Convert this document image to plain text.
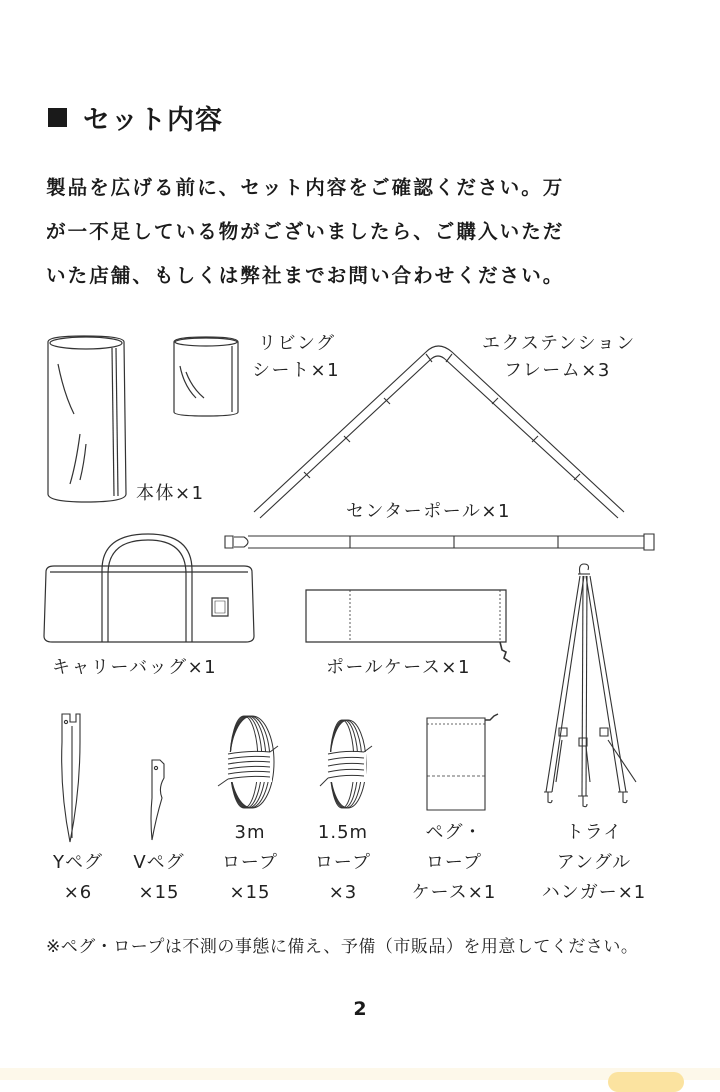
セット内容
製品を広げる前に、セット内容をご確認ください。万
が一不足している物がございましたら、ご購入いただ
いた店舗、もしくは弊社までお問い合わせください。
本体×1
リビング
シート×1
エクステンション
フレーム×3
センターポール×1
キャリーバッグ×1	ポールケース×1

Yペグ
×6

Vペグ
×15
3m
ロープ
×15
1.5m
ロープ
×3
ペグ・
ロープ
ケース×1
トライ
アングル
ハンガー×1
※ペグ・ロープは不測の事態に備え、予備（市販品）を用意してください。
2
